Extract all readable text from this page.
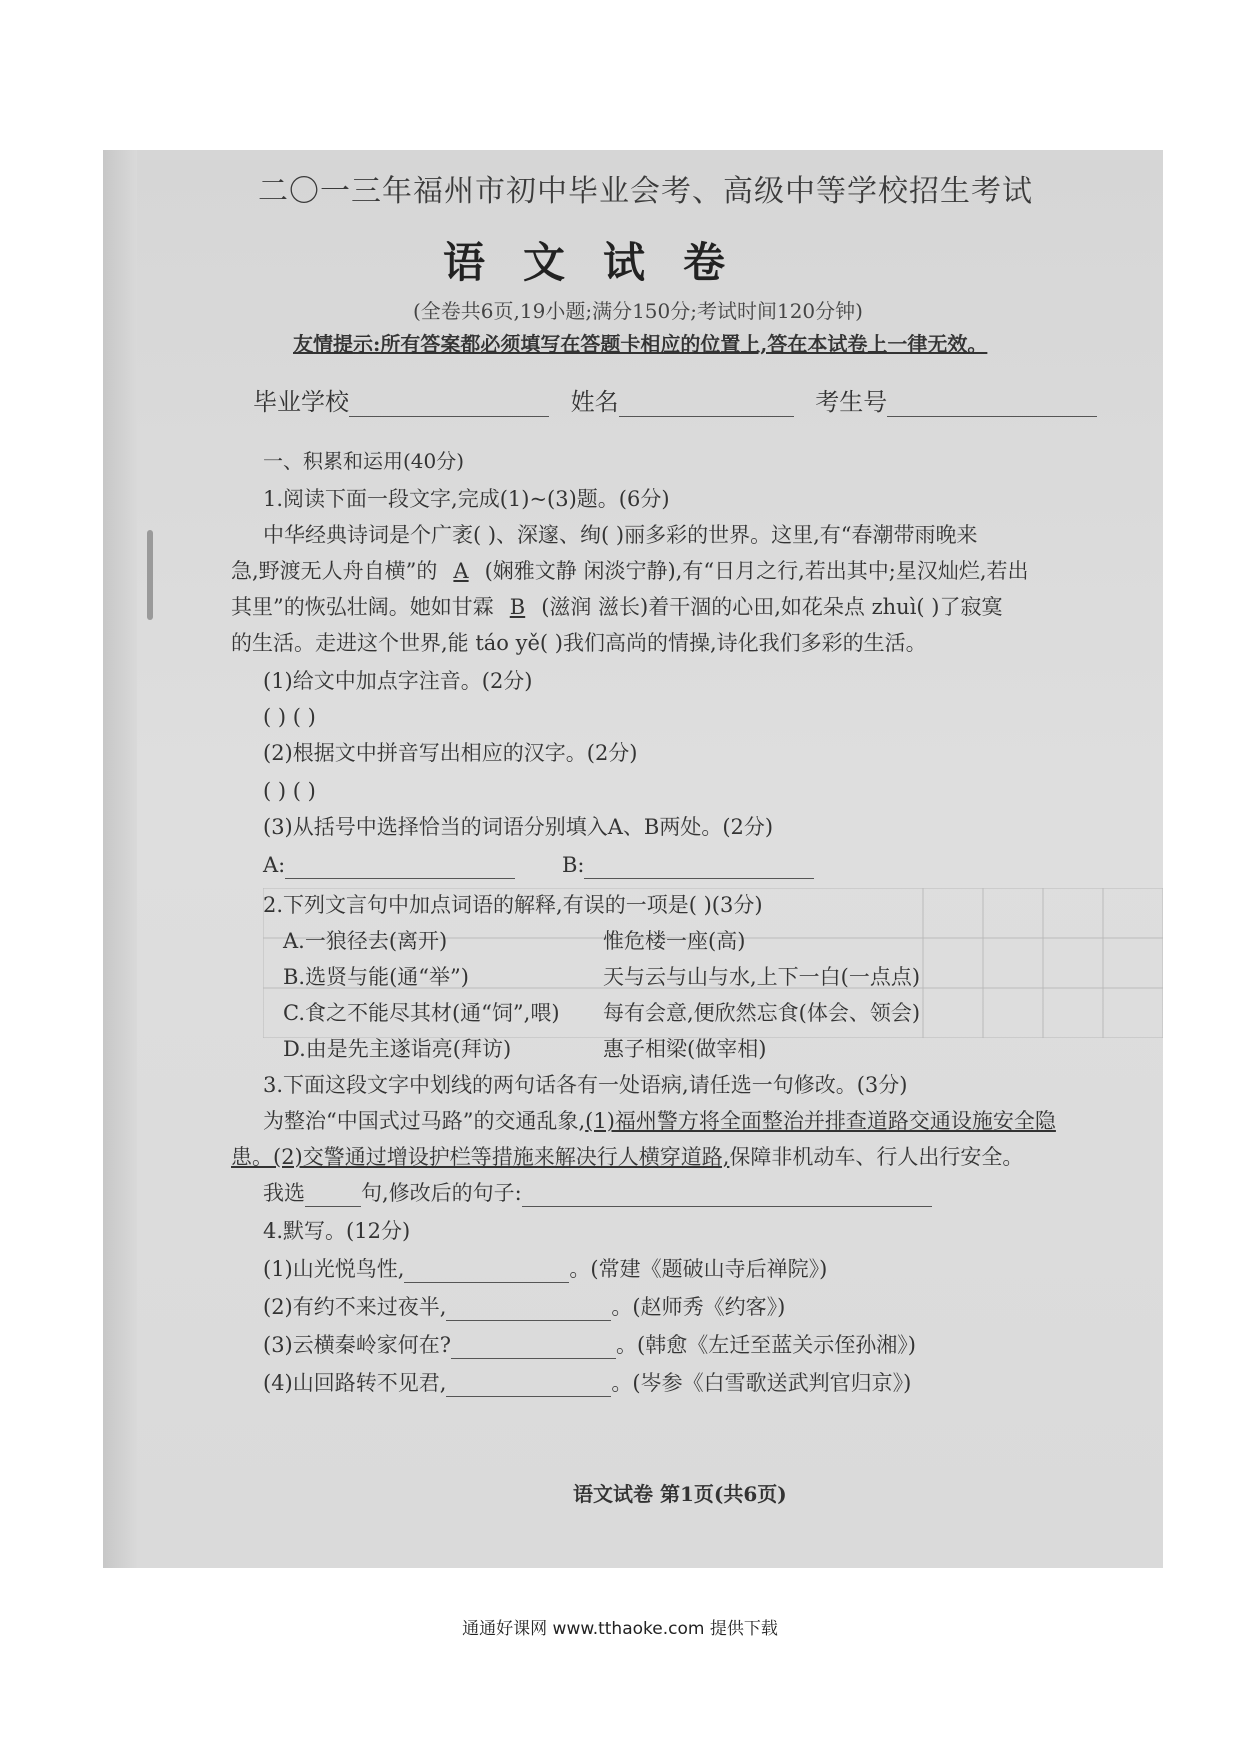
二〇一三年福州市初中毕业会考、高级中等学校招生考试
语文试卷
(全卷共6页,19小题;满分150分;考试时间120分钟)
友情提示:所有答案都必须填写在答题卡相应的位置上,答在本试卷上一律无效。
毕业学校	姓名	考生号
一、积累和运用(40分)
1.阅读下面一段文字,完成(1)~(3)题。(6分)
中华经典诗词是个广袤( )、深邃、绚( )丽多彩的世界。这里,有“春潮带雨晚来
急,野渡无人舟自横”的 A (娴雅文静 闲淡宁静),有“日月之行,若出其中;星汉灿烂,若出
其里”的恢弘壮阔。她如甘霖 B (滋润 滋长)着干涸的心田,如花朵点 zhuì( )了寂寞
的生活。走进这个世界,能 táo yě( )我们高尚的情操,诗化我们多彩的生活。
(1)给文中加点字注音。(2分)
( ) ( )
(2)根据文中拼音写出相应的汉字。(2分)
( ) ( )
(3)从括号中选择恰当的词语分别填入A、B两处。(2分)
A:	B:
2.下列文言句中加点词语的解释,有误的一项是( )(3分)
A.一狼径去(离开)	惟危楼一座(高)
B.选贤与能(通“举”)	天与云与山与水,上下一白(一点点)
C.食之不能尽其材(通“饲”,喂) 每有会意,便欣然忘食(体会、领会)
D.由是先主遂诣亮(拜访)	惠子相梁(做宰相)
3.下面这段文字中划线的两句话各有一处语病,请任选一句修改。(3分)
为整治“中国式过马路”的交通乱象,(1)福州警方将全面整治并排查道路交通设施安全隐
患。(2)交警通过增设护栏等措施来解决行人横穿道路,保障非机动车、行人出行安全。
我选	句,修改后的句子:
4.默写。(12分)
(1)山光悦鸟性,	。(常建《题破山寺后禅院》)
(2)有约不来过夜半,	。(赵师秀《约客》)
(3)云横秦岭家何在?	。(韩愈《左迁至蓝关示侄孙湘》)
(4)山回路转不见君,	。(岑参《白雪歌送武判官归京》)
语文试卷 第1页(共6页)
通通好课网 www.tthaoke.com 提供下载
